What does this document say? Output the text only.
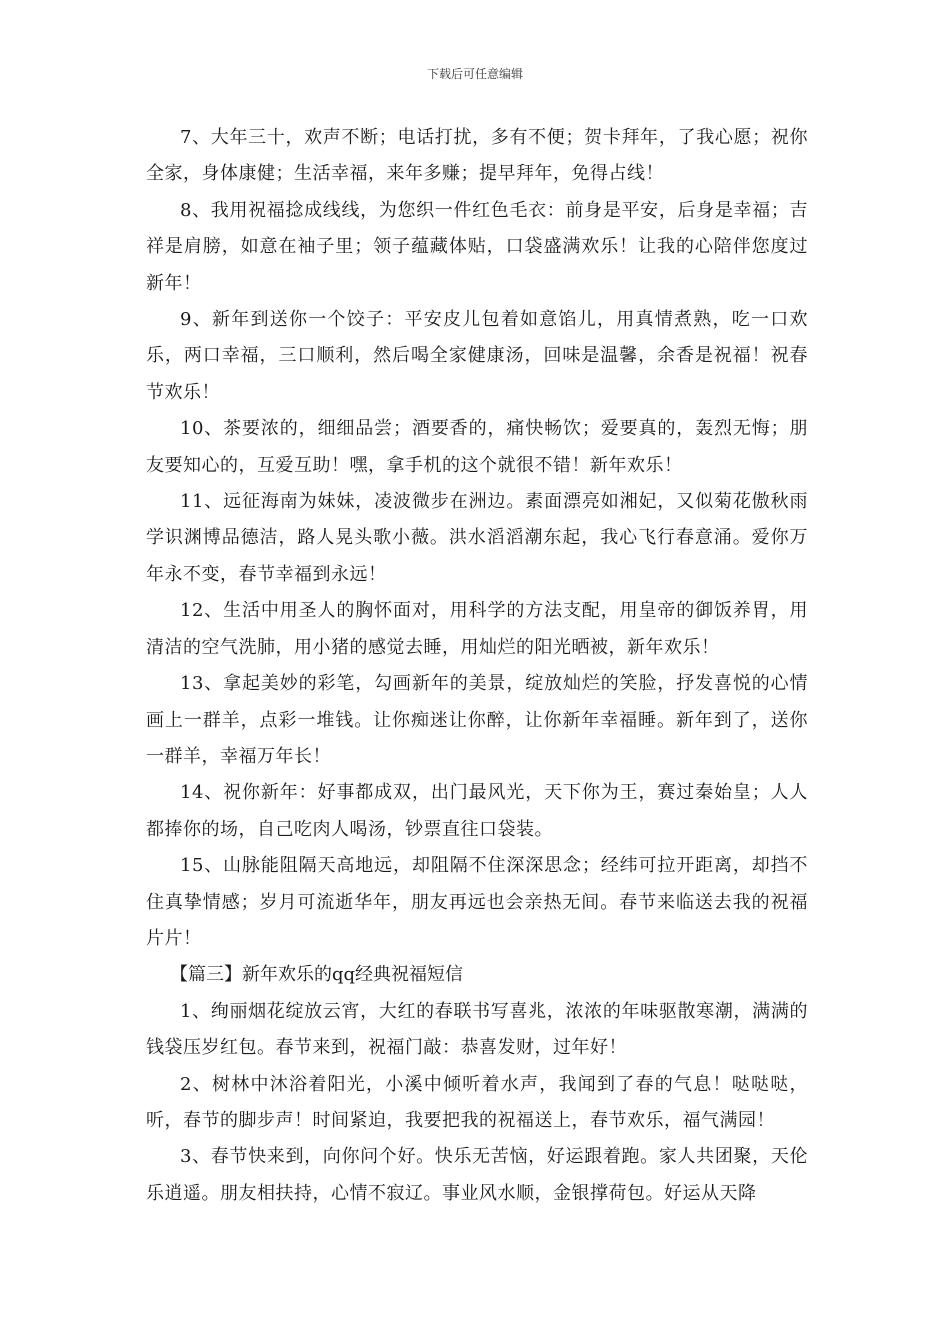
下载后可任意编辑

7、大年三十，欢声不断；电话打扰，多有不便；贺卡拜年，了我心愿；祝你全家，身体康健；生活幸福，来年多赚；提早拜年，免得占线！

8、我用祝福捻成线线，为您织一件红色毛衣：前身是平安，后身是幸福；吉祥是肩膀，如意在袖子里；领子蕴藏体贴，口袋盛满欢乐！让我的心陪伴您度过新年！

9、新年到送你一个饺子：平安皮儿包着如意馅儿，用真情煮熟，吃一口欢乐，两口幸福，三口顺利，然后喝全家健康汤，回味是温馨，余香是祝福！祝春节欢乐！

10、茶要浓的，细细品尝；酒要香的，痛快畅饮；爱要真的，轰烈无悔；朋友要知心的，互爱互助！嘿，拿手机的这个就很不错！新年欢乐！

11、远征海南为妹妹，凌波微步在洲边。素面漂亮如湘妃，又似菊花傲秋雨学识渊博品德洁，路人晃头歌小薇。洪水滔滔潮东起，我心飞行春意涌。爱你万年永不变，春节幸福到永远！

12、生活中用圣人的胸怀面对，用科学的方法支配，用皇帝的御饭养胃，用清洁的空气洗肺，用小猪的感觉去睡，用灿烂的阳光晒被，新年欢乐！

13、拿起美妙的彩笔，勾画新年的美景，绽放灿烂的笑脸，抒发喜悦的心情画上一群羊，点彩一堆钱。让你痴迷让你醉，让你新年幸福睡。新年到了，送你一群羊，幸福万年长！

14、祝你新年：好事都成双，出门最风光，天下你为王，赛过秦始皇；人人都捧你的场，自己吃肉人喝汤，钞票直往口袋装。

15、山脉能阻隔天高地远，却阻隔不住深深思念；经纬可拉开距离，却挡不住真挚情感；岁月可流逝华年，朋友再远也会亲热无间。春节来临送去我的祝福片片！

【篇三】新年欢乐的qq经典祝福短信

1、绚丽烟花绽放云宵，大红的春联书写喜兆，浓浓的年味驱散寒潮，满满的钱袋压岁红包。春节来到，祝福门敲：恭喜发财，过年好！

2、树林中沐浴着阳光，小溪中倾听着水声，我闻到了春的气息！哒哒哒，听，春节的脚步声！时间紧迫，我要把我的祝福送上，春节欢乐，福气满园！

3、春节快来到，向你问个好。快乐无苦恼，好运跟着跑。家人共团聚，天伦乐逍遥。朋友相扶持，心情不寂辽。事业风水顺，金银撑荷包。好运从天降
